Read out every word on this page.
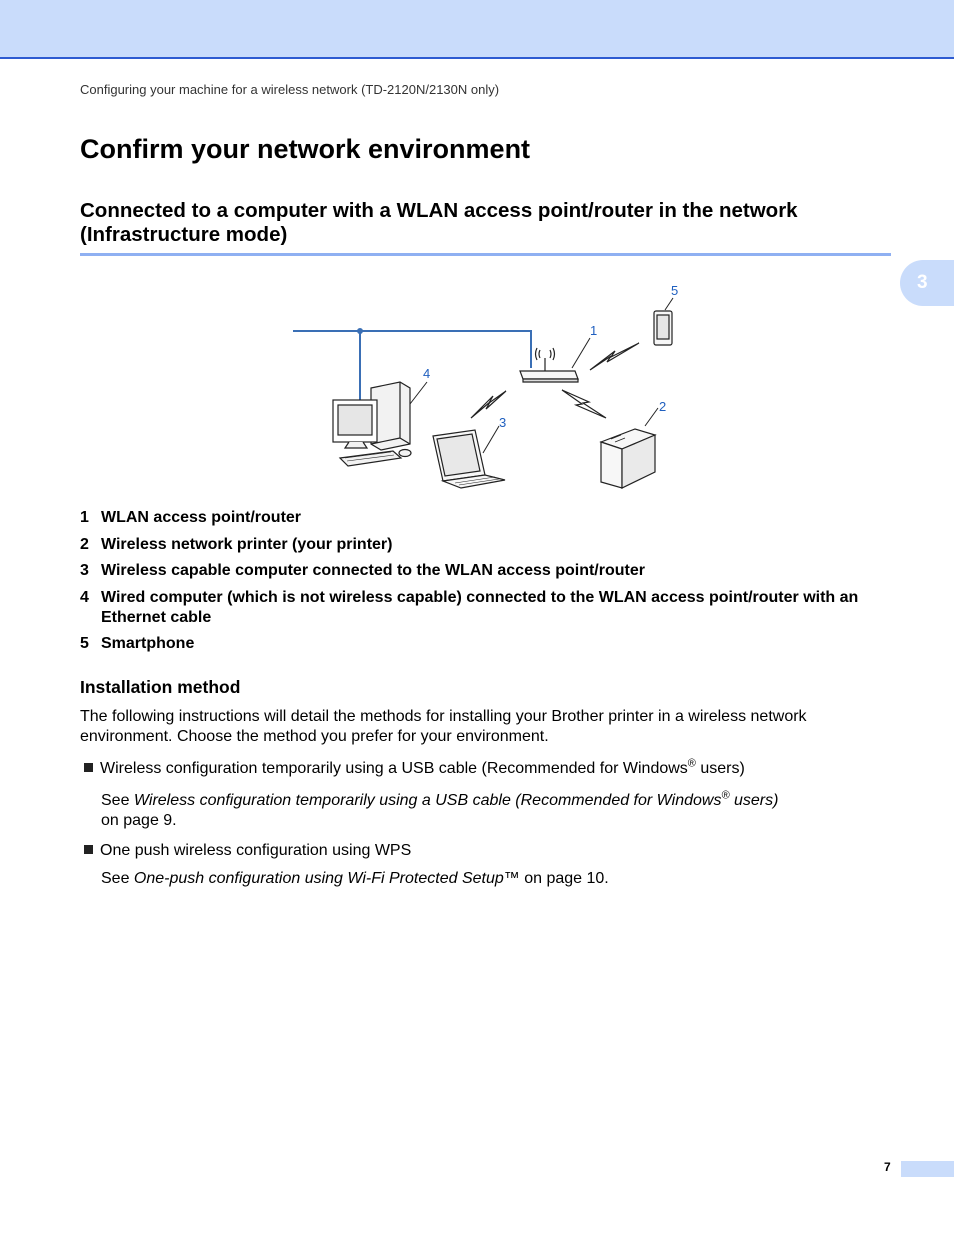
Configuring your machine for a wireless network (TD-2120N/2130N only)
3
Confirm your network environment
Connected to a computer with a WLAN access point/router in the network
(Infrastructure mode)
1
2
3
4
5
1 WLAN access point/router
2 Wireless network printer (your printer)
3 Wireless capable computer connected to the WLAN access point/router
4 Wired computer (which is not wireless capable) connected to the WLAN access point/router with an Ethernet cable
5 Smartphone
Installation method

The following instructions will detail the methods for installing your Brother printer in a wireless network environment. Choose the method you prefer for your environment.

Wireless configuration temporarily using a USB cable (Recommended for Windows® users)
See Wireless configuration temporarily using a USB cable (Recommended for Windows® users)
on page 9.
One push wireless configuration using WPS
See One-push configuration using Wi-Fi Protected Setup™ on page 10.
7
